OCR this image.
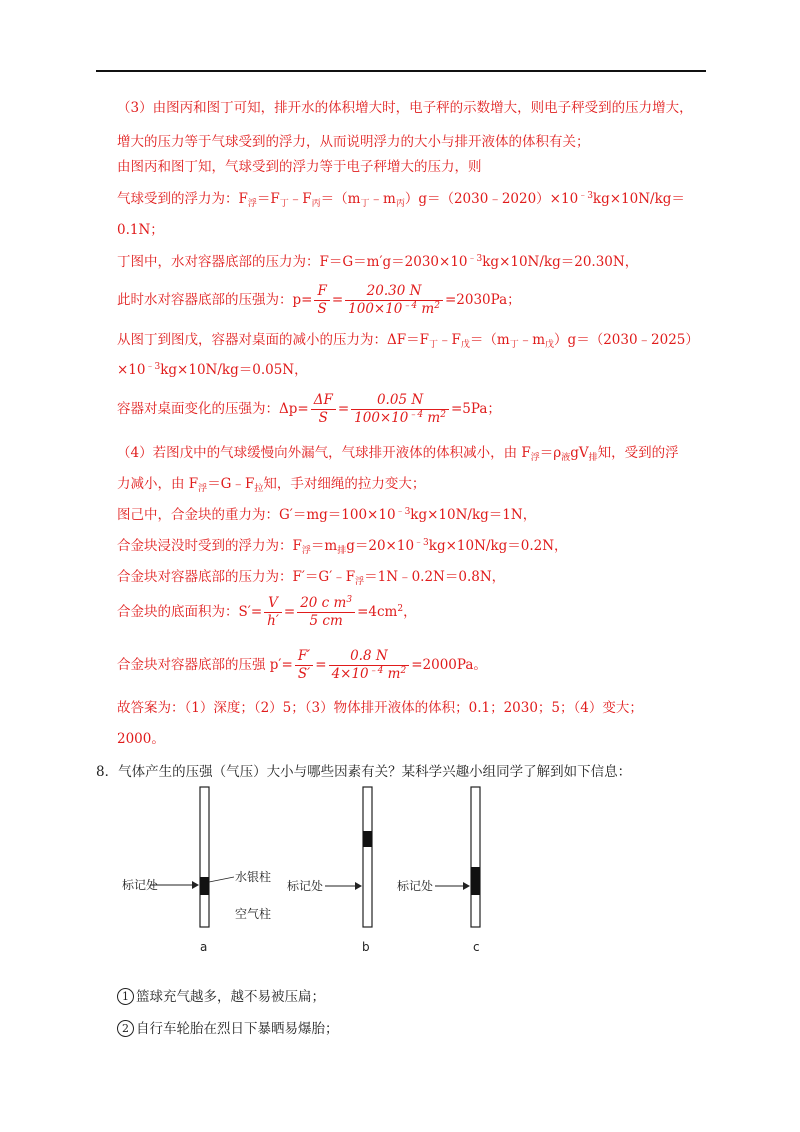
（3）由图丙和图丁可知，排开水的体积增大时，电子秤的示数增大，则电子秤受到的压力增大，
增大的压力等于气球受到的浮力，从而说明浮力的大小与排开液体的体积有关；
由图丙和图丁知，气球受到的浮力等于电子秤增大的压力，则
气球受到的浮力为：$F_浮=F_丁﹣F_丙=(m_丁﹣m_丙)g=(2030﹣2020)\times 10^{﹣3}kg\times 10N/kg=$
0.1N；
丁图中，水对容器底部的压力为：$F=G=m'g=2030\times 10^{﹣3}kg\times 10N/kg=20.30N$，
此时水对容器底部的压强为：$p= \frac{F}{S} = \frac{20.30 N}{100\times 10^{﹣4} m^2} =2030Pa$；
从图丁到图戊，容器对桌面的减小的压力为：$\Delta F=F_丁﹣F_戊=(m_丁﹣m_戊)g=(2030﹣2025)$
$\times 10^{﹣3}kg\times 10N/kg=0.05N$，
容器对桌面变化的压强为：$\Delta p= \frac{\Delta F}{S} = \frac{0.05 N}{100\times 10^{﹣4} m^2} =5Pa$；
（4）若图戊中的气球缓慢向外漏气，气球排开液体的体积减小，由 $F_浮=\rho_液gV_排$知，受到的浮
力减小，由 $F_浮=G﹣F_拉$知，手对细绳的拉力变大；
图己中，合金块的重力为：$G'=mg=100\times 10^{﹣3}kg\times 10N/kg=1N$，
合金块浸没时受到的浮力为：$F_浮=m_排g=20\times 10^{﹣3}kg\times 10N/kg=0.2N$，
合金块对容器底部的压力为：$F'=G'﹣F_浮=1N﹣0.2N=0.8N$，
合金块的底面积为：$S'= \frac{V}{h'} = \frac{20 c m^3}{5 cm} =4cm^2$，
合金块对容器底部的压强 $p'= \frac{F'}{S'} = \frac{0.8 N}{4\times 10^{﹣4} m^2} =2000Pa$。
故答案为：（1）深度；（2）5；（3）物体排开液体的体积；0.1；2030；5；（4）变大；
2000。
8．气体产生的压强（气压）大小与哪些因素有关？某科学兴趣小组同学了解到如下信息：
标记处
水银柱
空气柱
a
标记处
b
标记处
c
1 篮球充气越多，越不易被压扁；
2 自行车轮胎在烈日下暴晒易爆胎；
